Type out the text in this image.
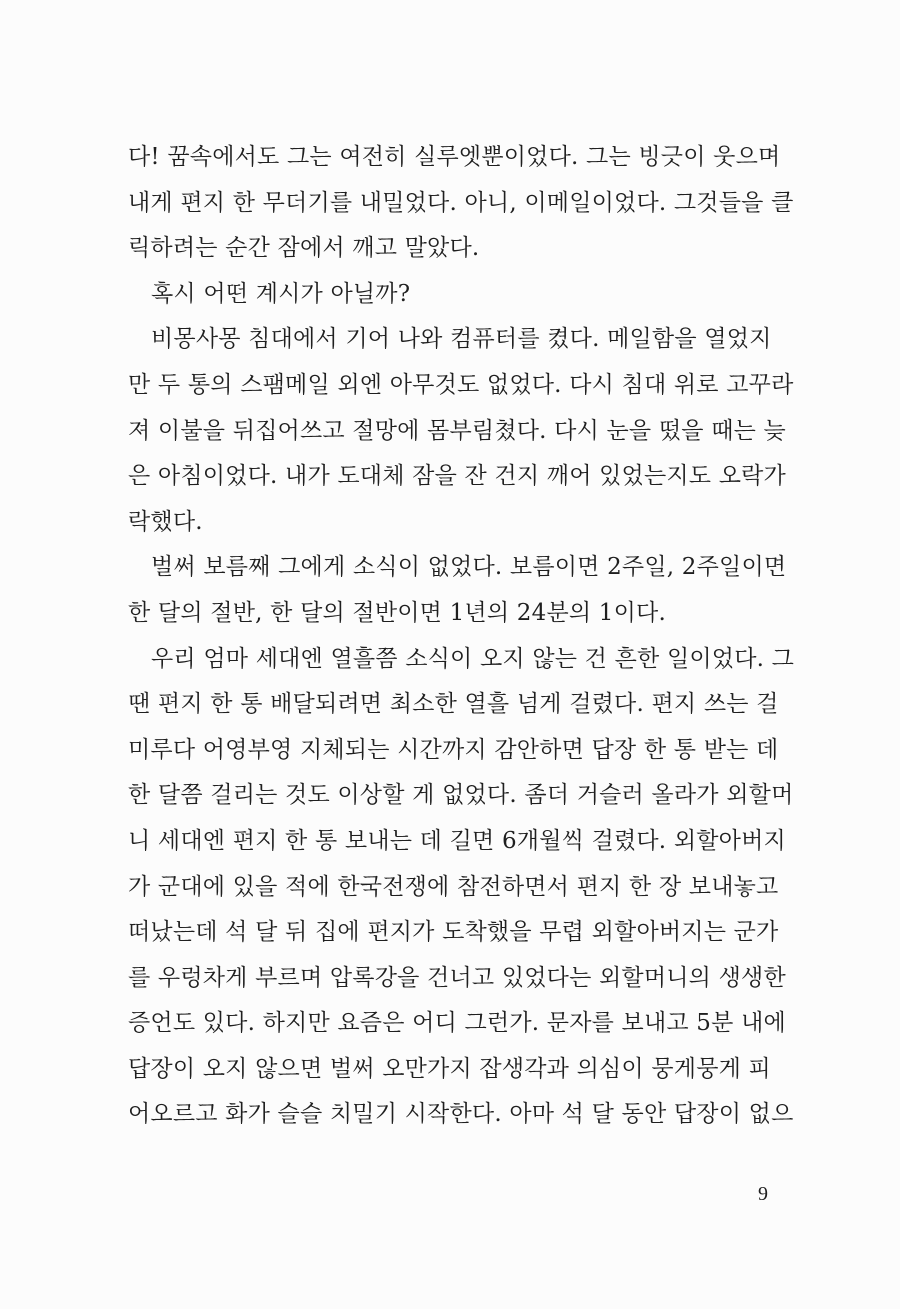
다! 꿈속에서도 그는 여전히 실루엣뿐이었다. 그는 빙긋이 웃으며
내게 편지 한 무더기를 내밀었다. 아니, 이메일이었다. 그것들을 클
릭하려는 순간 잠에서 깨고 말았다.
혹시 어떤 계시가 아닐까?
비몽사몽 침대에서 기어 나와 컴퓨터를 켰다. 메일함을 열었지
만 두 통의 스팸메일 외엔 아무것도 없었다. 다시 침대 위로 고꾸라
져 이불을 뒤집어쓰고 절망에 몸부림쳤다. 다시 눈을 떴을 때는 늦
은 아침이었다. 내가 도대체 잠을 잔 건지 깨어 있었는지도 오락가
락했다.
벌써 보름째 그에게 소식이 없었다. 보름이면 2주일, 2주일이면
한 달의 절반, 한 달의 절반이면 1년의 24분의 1이다.
우리 엄마 세대엔 열흘쯤 소식이 오지 않는 건 흔한 일이었다. 그
땐 편지 한 통 배달되려면 최소한 열흘 넘게 걸렸다. 편지 쓰는 걸
미루다 어영부영 지체되는 시간까지 감안하면 답장 한 통 받는 데
한 달쯤 걸리는 것도 이상할 게 없었다. 좀더 거슬러 올라가 외할머
니 세대엔 편지 한 통 보내는 데 길면 6개월씩 걸렸다. 외할아버지
가 군대에 있을 적에 한국전쟁에 참전하면서 편지 한 장 보내놓고
떠났는데 석 달 뒤 집에 편지가 도착했을 무렵 외할아버지는 군가
를 우렁차게 부르며 압록강을 건너고 있었다는 외할머니의 생생한
증언도 있다. 하지만 요즘은 어디 그런가. 문자를 보내고 5분 내에
답장이 오지 않으면 벌써 오만가지 잡생각과 의심이 뭉게뭉게 피
어오르고 화가 슬슬 치밀기 시작한다. 아마 석 달 동안 답장이 없으
9
